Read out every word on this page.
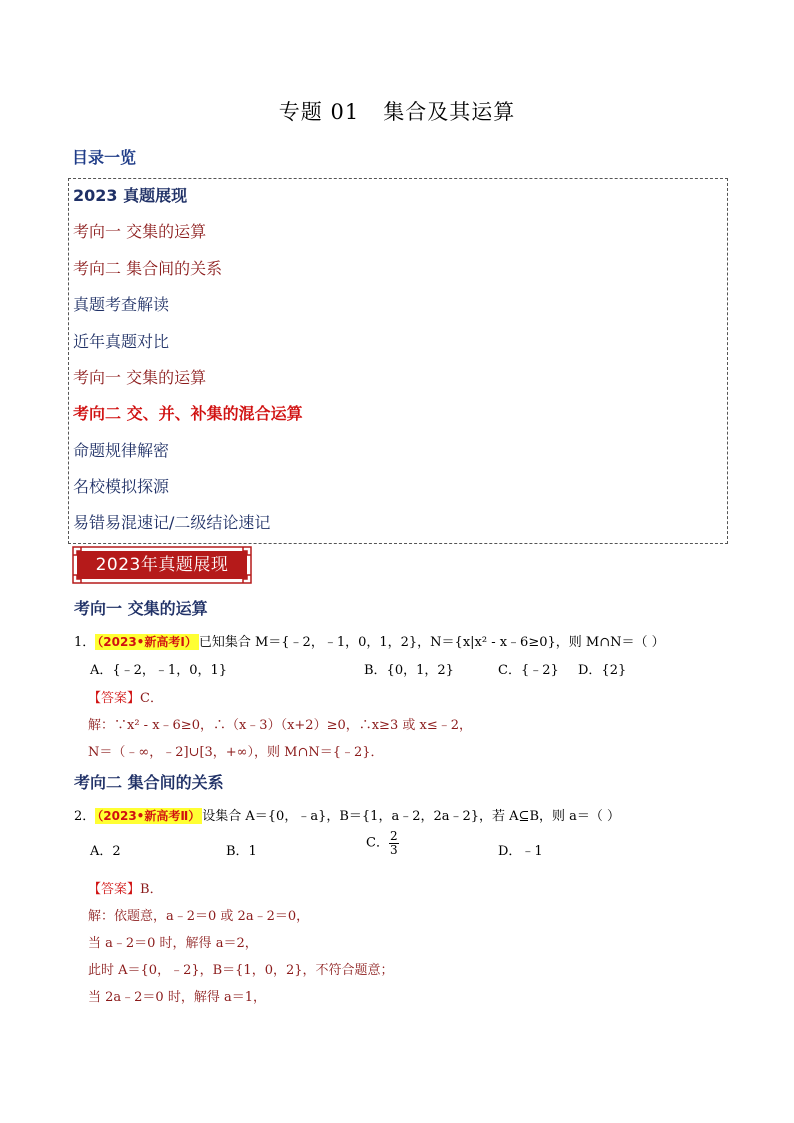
专题 01 集合及其运算
目录一览
2023 真题展现
考向一 交集的运算
考向二 集合间的关系
真题考查解读
近年真题对比
考向一 交集的运算
考向二 交、并、补集的混合运算
命题规律解密
名校模拟探源
易错易混速记/二级结论速记
2023年真题展现
考向一 交集的运算
1． （2023•新高考Ⅰ） 已知集合 M＝{﹣2，﹣1，0，1，2}，N＝{x|x² - x﹣6≥0}，则 M∩N＝（ ）
A．{﹣2，﹣1，0，1}	B．{0，1，2}	C．{﹣2} D．{2}
【答案】C．
解：∵x² - x﹣6≥0，∴（x﹣3）（x+2）≥0，∴x≥3 或 x≤﹣2，
N＝（﹣∞，﹣2]∪[3，+∞），则 M∩N＝{﹣2}．
考向二 集合间的关系
2． （2023•新高考Ⅱ） 设集合 A＝{0，﹣a}，B＝{1，a﹣2，2a﹣2}，若 A⊆B，则 a＝（ ）
A．2	B．1
C． $\frac{2}{3}$	D．﹣1
【答案】B．
解：依题意，a﹣2＝0 或 2a﹣2＝0，
当 a﹣2＝0 时，解得 a＝2，
此时 A＝{0，﹣2}，B＝{1，0，2}，不符合题意；
当 2a﹣2＝0 时，解得 a＝1，
